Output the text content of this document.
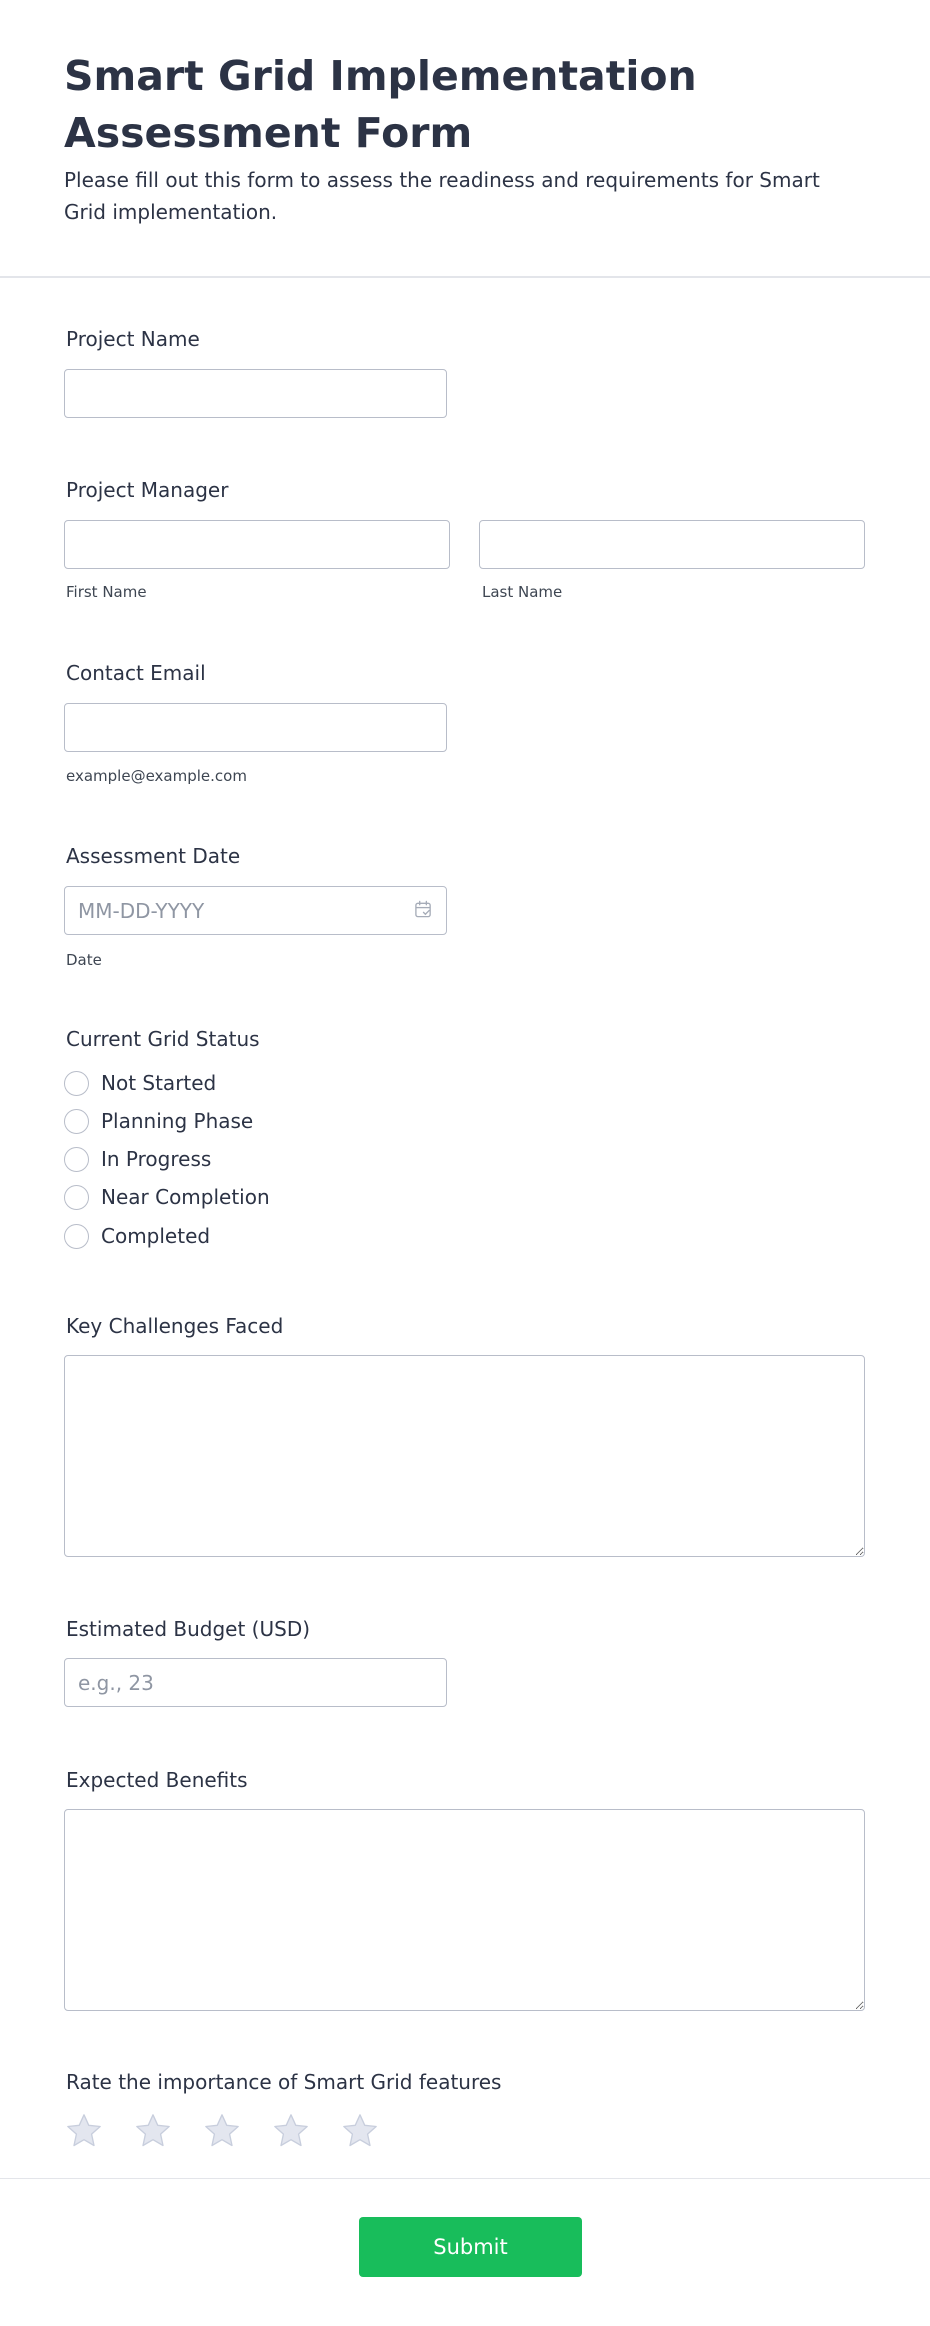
Smart Grid Implementation Assessment Form

Please fill out this form to assess the readiness and requirements for Smart Grid implementation.

Project Name
Project Manager
First Name	Last Name
Contact Email
example@example.com
Assessment Date
MM-DD-YYYY
Date
Current Grid Status
Not Started
Planning Phase
In Progress
Near Completion
Completed
Key Challenges Faced
Estimated Budget (USD)
e.g., 23
Expected Benefits
Rate the importance of Smart Grid features
Submit
